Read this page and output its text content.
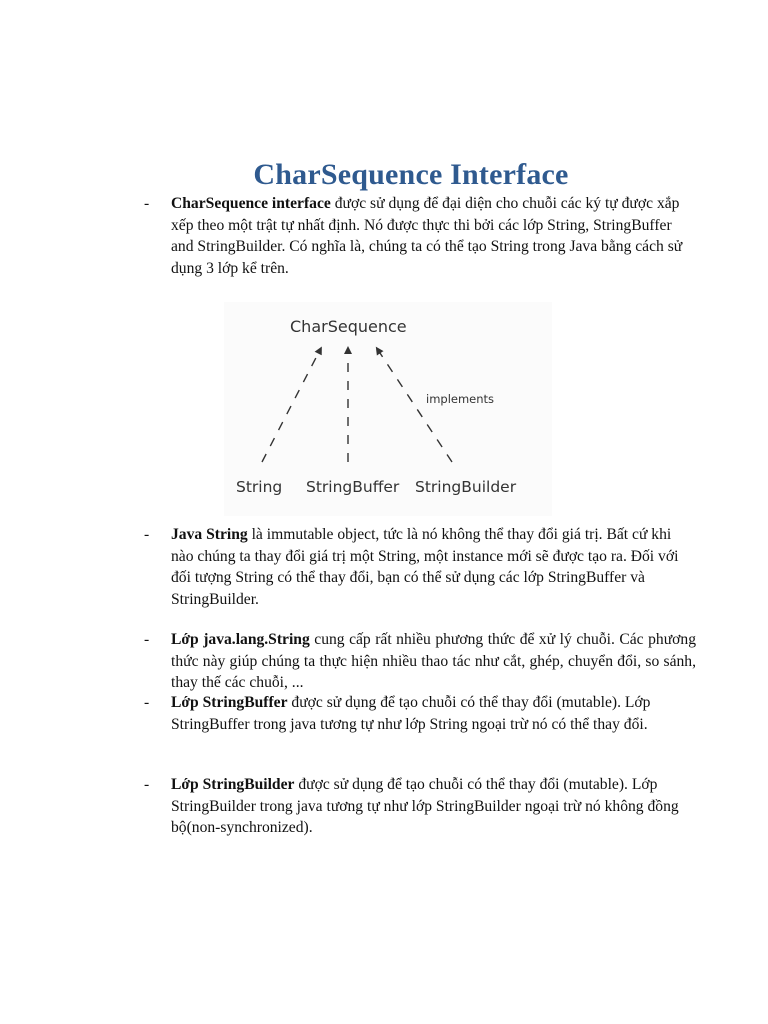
CharSequence Interface
- CharSequence interface được sử dụng để đại diện cho chuỗi các ký tự được xắp xếp theo một trật tự nhất định. Nó được thực thi bởi các lớp String, StringBuffer and StringBuilder. Có nghĩa là, chúng ta có thể tạo String trong Java bằng cách sử dụng 3 lớp kể trên.
CharSequence
implements
String StringBuffer StringBuilder
- Java String là immutable object, tức là nó không thể thay đổi giá trị. Bất cứ khi nào chúng ta thay đổi giá trị một String, một instance mới sẽ được tạo ra. Đối với đối tượng String có thể thay đổi, bạn có thể sử dụng các lớp StringBuffer và StringBuilder.
- Lớp java.lang.String cung cấp rất nhiều phương thức để xử lý chuỗi. Các phương thức này giúp chúng ta thực hiện nhiều thao tác như cắt, ghép, chuyển đổi, so sánh, thay thế các chuỗi, ...
- Lớp StringBuffer được sử dụng để tạo chuỗi có thể thay đổi (mutable). Lớp StringBuffer trong java tương tự như lớp String ngoại trừ nó có thể thay đổi.
- Lớp StringBuilder được sử dụng để tạo chuỗi có thể thay đổi (mutable). Lớp StringBuilder trong java tương tự như lớp StringBuilder ngoại trừ nó không đồng bộ(non-synchronized).
